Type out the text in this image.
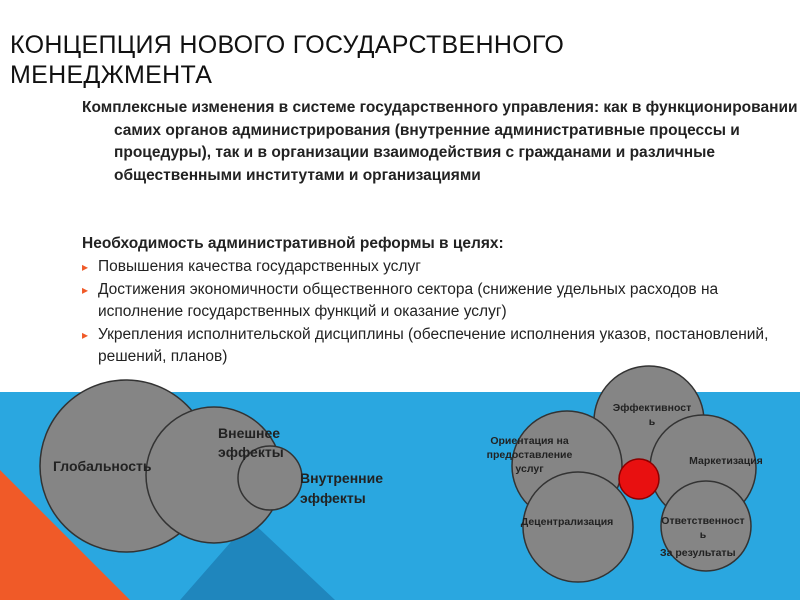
КОНЦЕПЦИЯ НОВОГО ГОСУДАРСТВЕННОГО МЕНЕДЖМЕНТА
Комплексные изменения в системе государственного управления: как в функционировании самих органов администрирования (внутренние административные процессы и процедуры), так и в организации взаимодействия с гражданами и различные общественными институтами и организациями
Необходимость административной реформы в целях:
▸ Повышения качества государственных услуг
▸ Достижения экономичности общественного сектора (снижение удельных расходов на исполнение государственных функций и оказание услуг)
▸ Укрепления исполнительской дисциплины (обеспечение исполнения указов, постановлений, решений, планов)
Глобальность
Внешнее эффекты
Внутренние эффекты
Эффективность
Ориентация на предоставление услуг
Маркетизация
Децентрализация	Ответственность
За результаты
